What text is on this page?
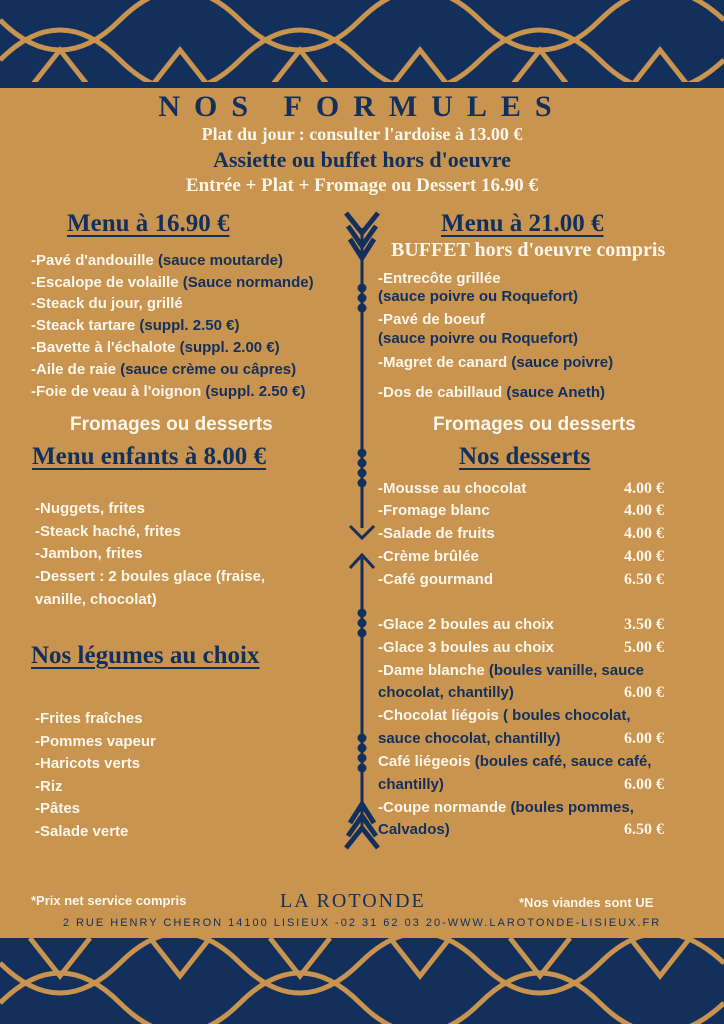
NOS FORMULES
Plat du jour : consulter l'ardoise à 13.00 €
Assiette ou buffet hors d'oeuvre
Entrée + Plat + Fromage ou Dessert 16.90 €
Menu à 16.90 €
-Pavé d'andouille (sauce moutarde)
-Escalope de volaille (Sauce normande)
-Steack du jour, grillé
-Steack tartare (suppl. 2.50 €)
-Bavette à l'échalote (suppl. 2.00 €)
-Aile de raie (sauce crème ou câpres)
-Foie de veau à l'oignon (suppl. 2.50 €)
Fromages ou desserts
Menu enfants à 8.00 €
-Nuggets, frites
-Steack haché, frites
-Jambon, frites
-Dessert : 2 boules glace (fraise,
vanille, chocolat)
Nos légumes au choix
-Frites fraîches
-Pommes vapeur
-Haricots verts
-Riz
-Pâtes
-Salade verte
Menu à 21.00 €
BUFFET hors d'oeuvre compris
-Entrecôte grillée
(sauce poivre ou Roquefort)
-Pavé de boeuf
(sauce poivre ou Roquefort)
-Magret de canard (sauce poivre)
-Dos de cabillaud (sauce Aneth)
Fromages ou desserts
Nos desserts
-Mousse au chocolat	4.00 €
-Fromage blanc	4.00 €
-Salade de fruits	4.00 €
-Crème brûlée	4.00 €
-Café gourmand	6.50 €
-Glace 2 boules au choix	3.50 €
-Glace 3 boules au choix	5.00 €
-Dame blanche (boules vanille, sauce
chocolat, chantilly)	6.00 €
-Chocolat liégois ( boules chocolat,
sauce chocolat, chantilly)	6.00 €
Café liégeois (boules café, sauce café,
chantilly)	6.00 €
-Coupe normande (boules pommes,
Calvados)	6.50 €
*Prix net service compris	LA ROTONDE	*Nos viandes sont UE
2 RUE HENRY CHERON 14100 LISIEUX -02 31 62 03 20-WWW.LAROTONDE-LISIEUX.FR
